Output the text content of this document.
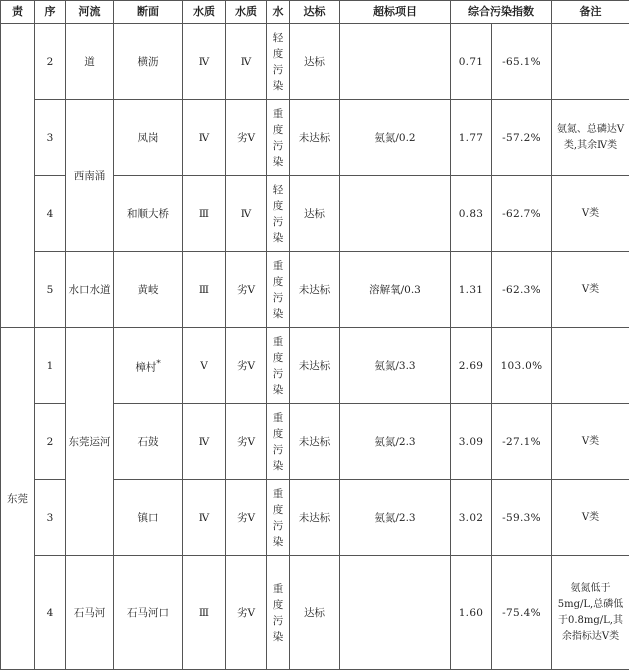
责	序	河流	断面	水质	水质	水	达标	超标项目	综合污染指数		备注
	2	道	横沥	Ⅳ	Ⅳ	轻度污染	达标		0.71	-65.1%	
	3	西南涌	凤岗	Ⅳ	劣Ⅴ	重度污染	未达标	氨氮/0.2	1.77	-57.2%	氨氮、总磷达Ⅴ类,其余Ⅳ类
	4		和顺大桥	Ⅲ	Ⅳ	轻度污染	达标		0.83	-62.7%	Ⅴ类
	5	水口水道	黄岐	Ⅲ	劣Ⅴ	重度污染	未达标	溶解氧/0.3	1.31	-62.3%	Ⅴ类
东莞	1	东莞运河	樟村*	Ⅴ	劣Ⅴ	重度污染	未达标	氨氮/3.3	2.69	103.0%	
	2		石鼓	Ⅳ	劣Ⅴ	重度污染	未达标	氨氮/2.3	3.09	-27.1%	Ⅴ类
	3		镇口	Ⅳ	劣Ⅴ	重度污染	未达标	氨氮/2.3	3.02	-59.3%	Ⅴ类
	4	石马河	石马河口	Ⅲ	劣Ⅴ	重度污染	达标		1.60	-75.4%	氨氮低于5mg/L,总磷低于0.8mg/L,其余指标达Ⅴ类
